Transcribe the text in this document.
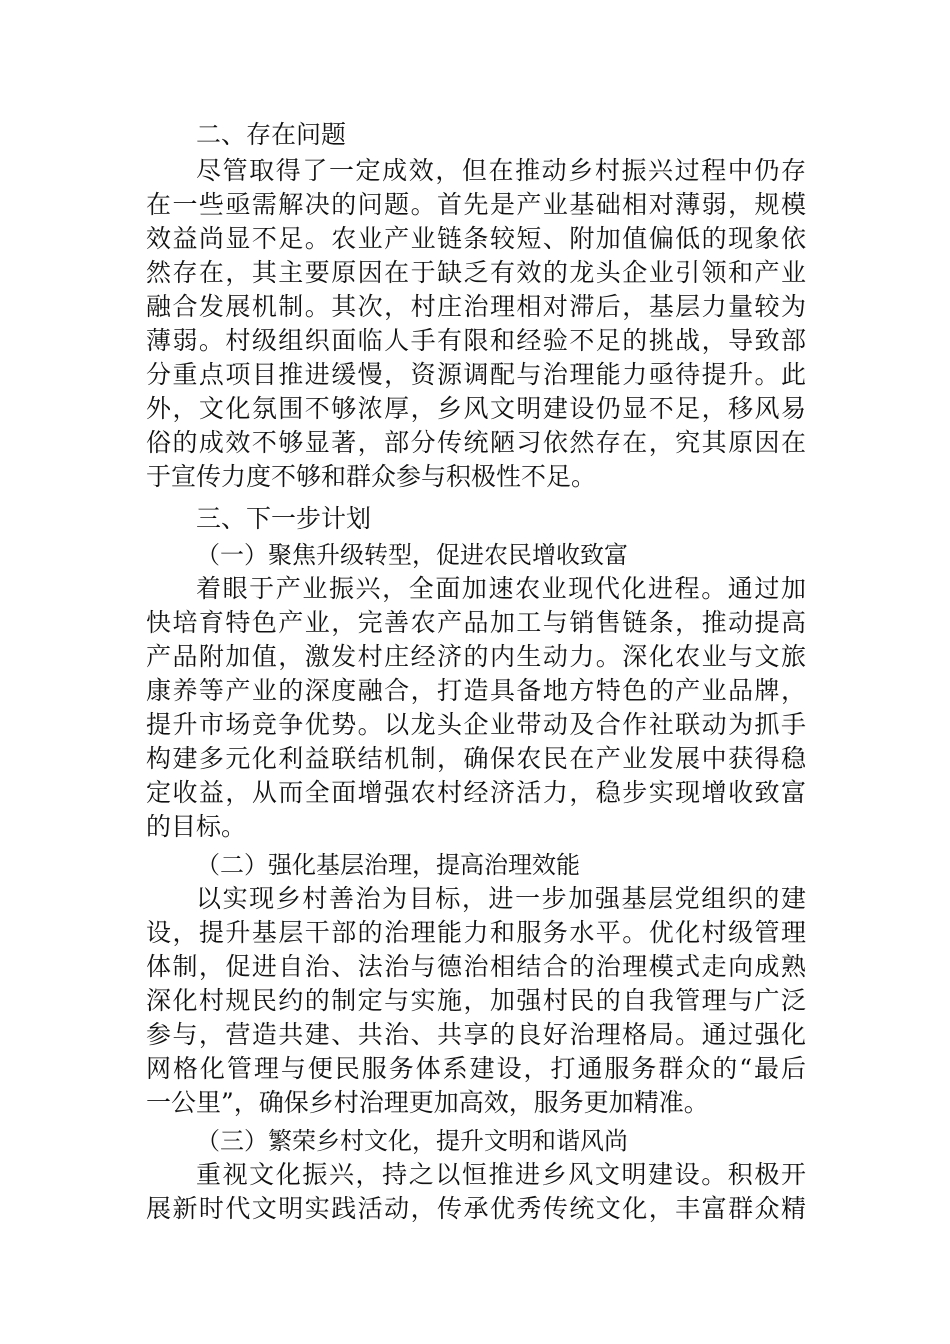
二、存在问题
尽管取得了一定成效，但在推动乡村振兴过程中仍存
在一些亟需解决的问题。首先是产业基础相对薄弱，规模
效益尚显不足。农业产业链条较短、附加值偏低的现象依
然存在，其主要原因在于缺乏有效的龙头企业引领和产业
融合发展机制。其次，村庄治理相对滞后，基层力量较为
薄弱。村级组织面临人手有限和经验不足的挑战，导致部
分重点项目推进缓慢，资源调配与治理能力亟待提升。此
外，文化氛围不够浓厚，乡风文明建设仍显不足，移风易
俗的成效不够显著，部分传统陋习依然存在，究其原因在
于宣传力度不够和群众参与积极性不足。
三、下一步计划
（一）聚焦升级转型，促进农民增收致富
着眼于产业振兴，全面加速农业现代化进程。通过加
快培育特色产业，完善农产品加工与销售链条，推动提高
产品附加值，激发村庄经济的内生动力。深化农业与文旅
康养等产业的深度融合，打造具备地方特色的产业品牌，
提升市场竞争优势。以龙头企业带动及合作社联动为抓手
构建多元化利益联结机制，确保农民在产业发展中获得稳
定收益，从而全面增强农村经济活力，稳步实现增收致富
的目标。
（二）强化基层治理，提高治理效能
以实现乡村善治为目标，进一步加强基层党组织的建
设，提升基层干部的治理能力和服务水平。优化村级管理
体制，促进自治、法治与德治相结合的治理模式走向成熟
深化村规民约的制定与实施，加强村民的自我管理与广泛
参与，营造共建、共治、共享的良好治理格局。通过强化
网格化管理与便民服务体系建设，打通服务群众的“最后
一公里”，确保乡村治理更加高效，服务更加精准。
（三）繁荣乡村文化，提升文明和谐风尚
重视文化振兴，持之以恒推进乡风文明建设。积极开
展新时代文明实践活动，传承优秀传统文化，丰富群众精
